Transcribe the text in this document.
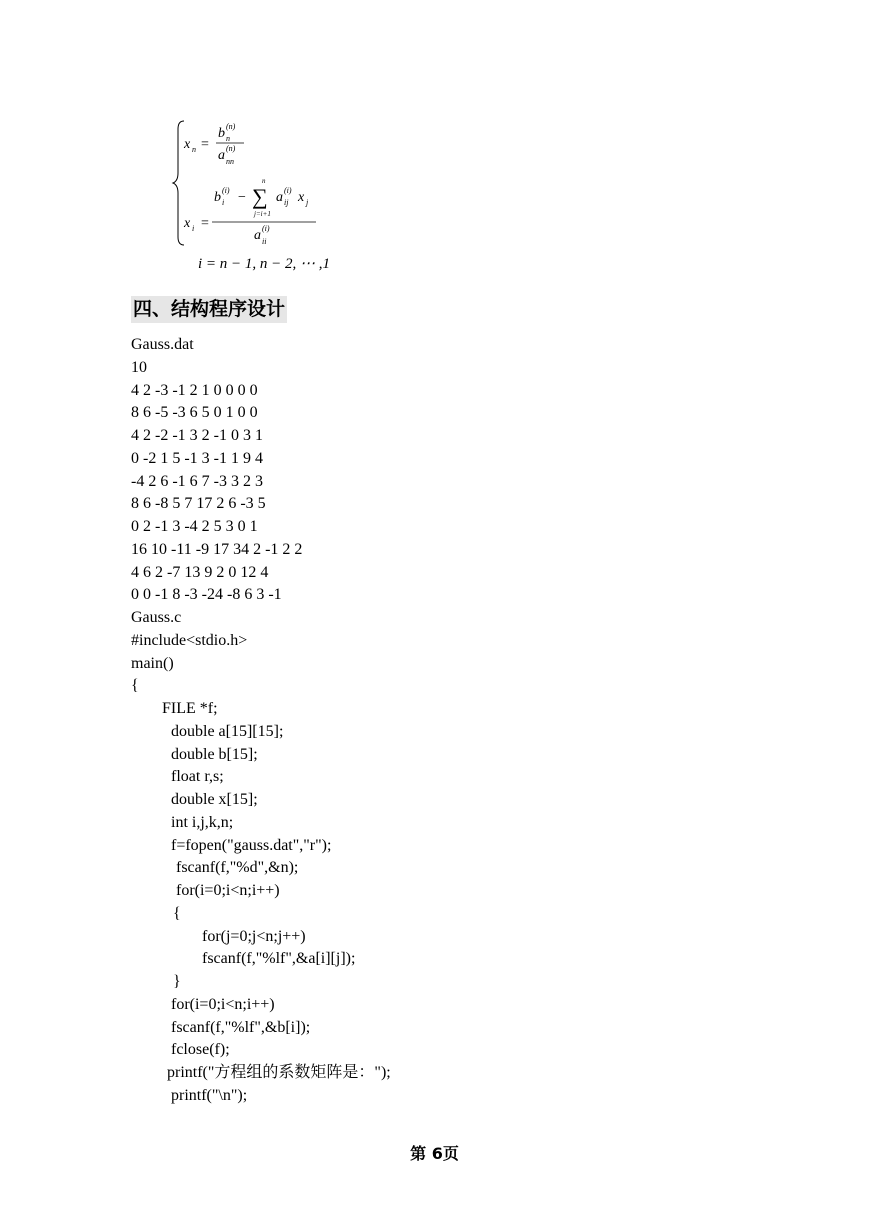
x n =
b (n)
n
a (n)
nn
b (i)
i −
n
∑
j=i+1
a (i)
ij x j
x i =
a (i)
ii
i = n − 1, n − 2, ⋯ ,1
四、结构程序设计
Gauss.dat
10
4 2 -3 -1 2 1 0 0 0 0
8 6 -5 -3 6 5 0 1 0 0
4 2 -2 -1 3 2 -1 0 3 1
0 -2 1 5 -1 3 -1 1 9 4
-4 2 6 -1 6 7 -3 3 2 3
8 6 -8 5 7 17 2 6 -3 5
0 2 -1 3 -4 2 5 3 0 1
16 10 -11 -9 17 34 2 -1 2 2
4 6 2 -7 13 9 2 0 12 4
0 0 -1 8 -3 -24 -8 6 3 -1
Gauss.c
#include<stdio.h>
main()
{
FILE *f;
double a[15][15];
double b[15];
float r,s;
double x[15];
int i,j,k,n;
f=fopen("gauss.dat","r");
fscanf(f,"%d",&n);
for(i=0;i<n;i++)
{
for(j=0;j<n;j++)
fscanf(f,"%lf",&a[i][j]);
}
for(i=0;i<n;i++)
fscanf(f,"%lf",&b[i]);
fclose(f);
printf("方程组的系数矩阵是：");
printf("\n");
第 6页
